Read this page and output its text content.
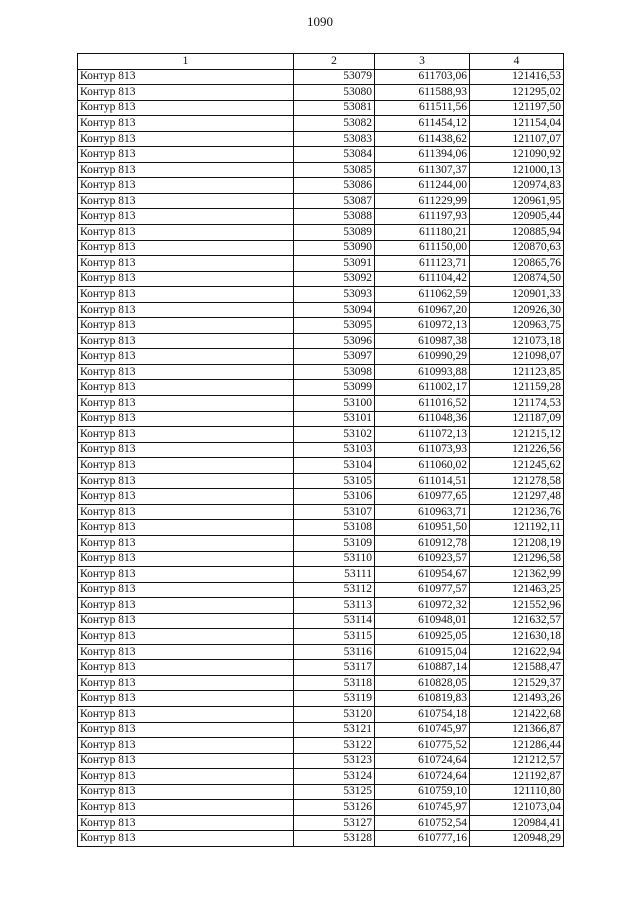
1090
1	2	3	4
Контур 813	53079	611703,06	121416,53
Контур 813	53080	611588,93	121295,02
Контур 813	53081	611511,56	121197,50
Контур 813	53082	611454,12	121154,04
Контур 813	53083	611438,62	121107,07
Контур 813	53084	611394,06	121090,92
Контур 813	53085	611307,37	121000,13
Контур 813	53086	611244,00	120974,83
Контур 813	53087	611229,99	120961,95
Контур 813	53088	611197,93	120905,44
Контур 813	53089	611180,21	120885,94
Контур 813	53090	611150,00	120870,63
Контур 813	53091	611123,71	120865,76
Контур 813	53092	611104,42	120874,50
Контур 813	53093	611062,59	120901,33
Контур 813	53094	610967,20	120926,30
Контур 813	53095	610972,13	120963,75
Контур 813	53096	610987,38	121073,18
Контур 813	53097	610990,29	121098,07
Контур 813	53098	610993,88	121123,85
Контур 813	53099	611002,17	121159,28
Контур 813	53100	611016,52	121174,53
Контур 813	53101	611048,36	121187,09
Контур 813	53102	611072,13	121215,12
Контур 813	53103	611073,93	121226,56
Контур 813	53104	611060,02	121245,62
Контур 813	53105	611014,51	121278,58
Контур 813	53106	610977,65	121297,48
Контур 813	53107	610963,71	121236,76
Контур 813	53108	610951,50	121192,11
Контур 813	53109	610912,78	121208,19
Контур 813	53110	610923,57	121296,58
Контур 813	53111	610954,67	121362,99
Контур 813	53112	610977,57	121463,25
Контур 813	53113	610972,32	121552,96
Контур 813	53114	610948,01	121632,57
Контур 813	53115	610925,05	121630,18
Контур 813	53116	610915,04	121622,94
Контур 813	53117	610887,14	121588,47
Контур 813	53118	610828,05	121529,37
Контур 813	53119	610819,83	121493,26
Контур 813	53120	610754,18	121422,68
Контур 813	53121	610745,97	121366,87
Контур 813	53122	610775,52	121286,44
Контур 813	53123	610724,64	121212,57
Контур 813	53124	610724,64	121192,87
Контур 813	53125	610759,10	121110,80
Контур 813	53126	610745,97	121073,04
Контур 813	53127	610752,54	120984,41
Контур 813	53128	610777,16	120948,29
